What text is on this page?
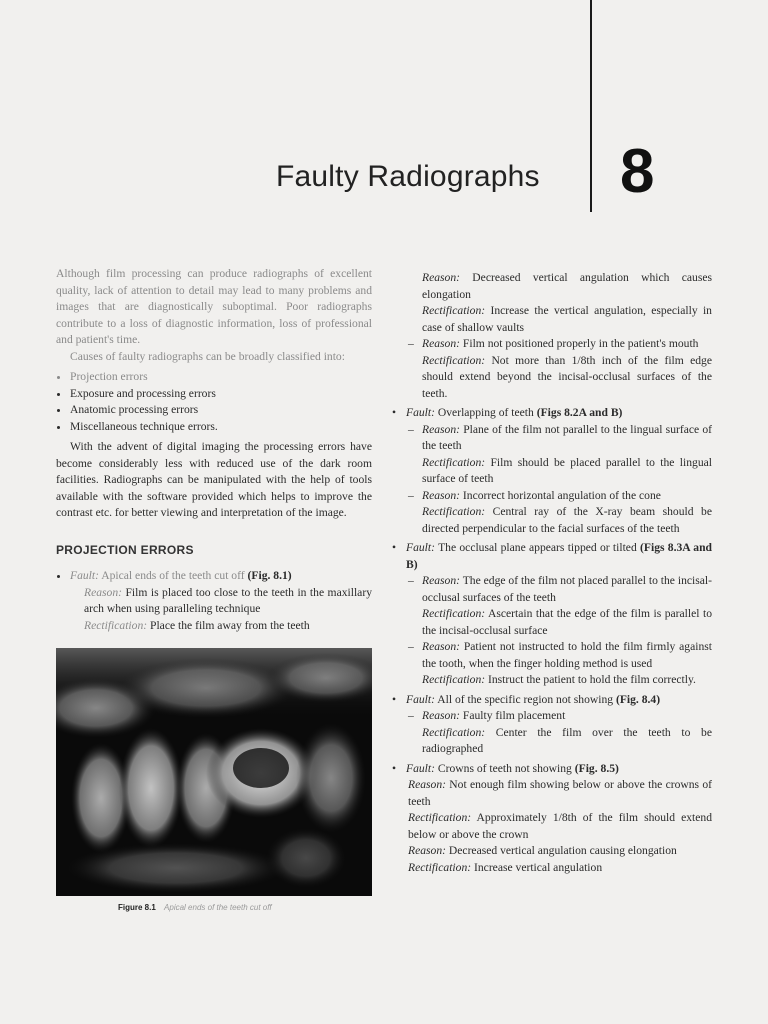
Faulty Radiographs 8

Although film processing can produce radiographs of excellent quality, lack of attention to detail may lead to many problems and images that are diagnostically suboptimal. Poor radiographs contribute to a loss of diagnostic information, loss of professional and patient's time.

Causes of faulty radiographs can be broadly classified into:

• Projection errors
• Exposure and processing errors
• Anatomic processing errors
• Miscellaneous technique errors.

With the advent of digital imaging the processing errors have become considerably less with reduced use of the dark room facilities. Radiographs can be manipulated with the help of tools available with the software provided which helps to improve the contrast etc. for better viewing and interpretation of the image.

PROJECTION ERRORS
• Fault: Apical ends of the teeth cut off (Fig. 8.1)

Reason: Film is placed too close to the teeth in the maxillary arch when using paralleling technique

Rectification: Place the film away from the teeth

Figure 8.1 Apical ends of the teeth cut off

Reason: Decreased vertical angulation which causes elongation

Rectification: Increase the vertical angulation, especially in case of shallow vaults

– Reason: Film not positioned properly in the patient's mouth

Rectification: Not more than 1/8th inch of the film edge should extend beyond the incisal-occlusal surfaces of the teeth.

• Fault: Overlapping of teeth (Figs 8.2A and B)
– Reason: Plane of the film not parallel to the lingual surface of the teeth

Rectification: Film should be placed parallel to the lingual surface of teeth

– Reason: Incorrect horizontal angulation of the cone

Rectification: Central ray of the X-ray beam should be directed perpendicular to the facial surfaces of the teeth

• Fault: The occlusal plane appears tipped or tilted (Figs 8.3A and B)
– Reason: The edge of the film not placed parallel to the incisal-occlusal surfaces of the teeth

Rectification: Ascertain that the edge of the film is parallel to the incisal-occlusal surface

– Reason: Patient not instructed to hold the film firmly against the tooth, when the finger holding method is used

Rectification: Instruct the patient to hold the film correctly.

• Fault: All of the specific region not showing (Fig. 8.4)
– Reason: Faulty film placement

Rectification: Center the film over the teeth to be radiographed

• Fault: Crowns of teeth not showing (Fig. 8.5)

Reason: Not enough film showing below or above the crowns of teeth

Rectification: Approximately 1/8th of the film should extend below or above the crown

Reason: Decreased vertical angulation causing elongation

Rectification: Increase vertical angulation
